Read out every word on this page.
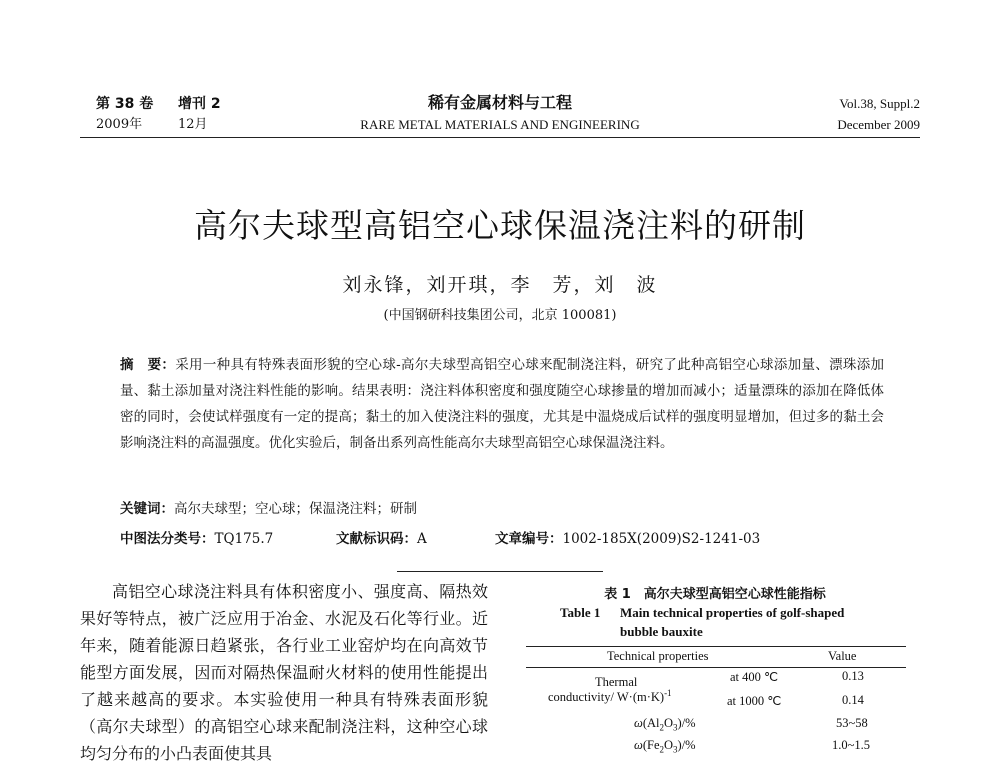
第 38 卷 增刊 2
2009年	12月
稀有金属材料与工程
RARE METAL MATERIALS AND ENGINEERING
Vol.38, Suppl.2
December 2009
高尔夫球型高铝空心球保温浇注料的研制
刘永锋，刘开琪，李　芳，刘　波
(中国钢研科技集团公司，北京 100081)
摘　要：采用一种具有特殊表面形貌的空心球-高尔夫球型高铝空心球来配制浇注料，研究了此种高铝空心球添加量、漂珠添加量、黏土添加量对浇注料性能的影响。结果表明：浇注料体积密度和强度随空心球掺量的增加而减小；适量漂珠的添加在降低体密的同时，会使试样强度有一定的提高；黏土的加入使浇注料的强度，尤其是中温烧成后试样的强度明显增加，但过多的黏土会影响浇注料的高温强度。优化实验后，制备出系列高性能高尔夫球型高铝空心球保温浇注料。
关键词：高尔夫球型；空心球；保温浇注料；研制
中图法分类号：TQ175.7	文献标识码：A	文章编号：1002-185X(2009)S2-1241-03
高铝空心球浇注料具有体积密度小、强度高、隔热效果好等特点，被广泛应用于冶金、水泥及石化等行业。近年来，随着能源日趋紧张，各行业工业窑炉均在向高效节能型方面发展，因而对隔热保温耐火材料的使用性能提出了越来越高的要求。本实验使用一种具有特殊表面形貌（高尔夫球型）的高铝空心球来配制浇注料，这种空心球均匀分布的小凸表面使其具
表 1　高尔夫球型高铝空心球性能指标
Table 1	Main technical properties of golf-shaped bubble bauxite
Technical properties	Value
Thermal
conductivity/ $W\cdot(m\cdot K)^{-1}$
at 400 ℃	0.13
at 1000 ℃	0.14
$\omega(Al_2O_3)/\%$	53~58
$\omega(Fe_2O_3)/\%$	1.0~1.5
